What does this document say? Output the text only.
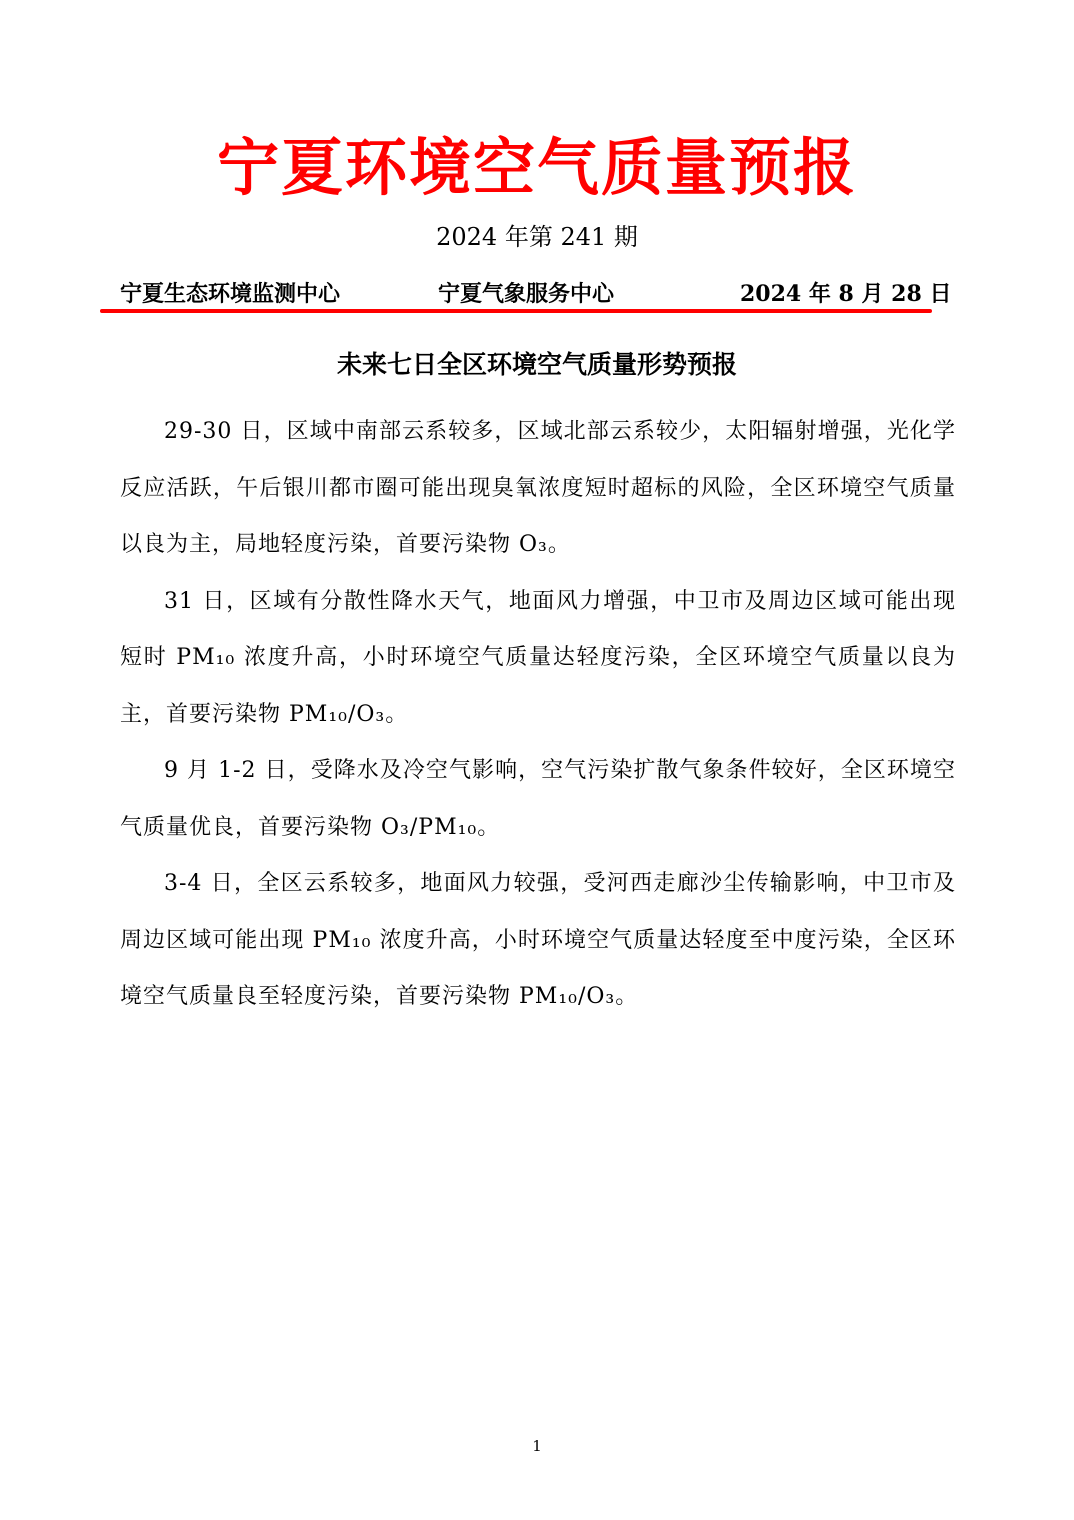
宁夏环境空气质量预报
2024 年第 241 期
宁夏生态环境监测中心	宁夏气象服务中心	2024 年 8 月 28 日
未来七日全区环境空气质量形势预报

29-30 日，区域中南部云系较多，区域北部云系较少，太阳辐射增强，光化学反应活跃，午后银川都市圈可能出现臭氧浓度短时超标的风险，全区环境空气质量以良为主，局地轻度污染，首要污染物 O₃。

31 日，区域有分散性降水天气，地面风力增强，中卫市及周边区域可能出现短时 PM₁₀ 浓度升高，小时环境空气质量达轻度污染，全区环境空气质量以良为主，首要污染物 PM₁₀/O₃。

9 月 1-2 日，受降水及冷空气影响，空气污染扩散气象条件较好，全区环境空气质量优良，首要污染物 O₃/PM₁₀。

3-4 日，全区云系较多，地面风力较强，受河西走廊沙尘传输影响，中卫市及周边区域可能出现 PM₁₀ 浓度升高，小时环境空气质量达轻度至中度污染，全区环境空气质量良至轻度污染，首要污染物 PM₁₀/O₃。

1
